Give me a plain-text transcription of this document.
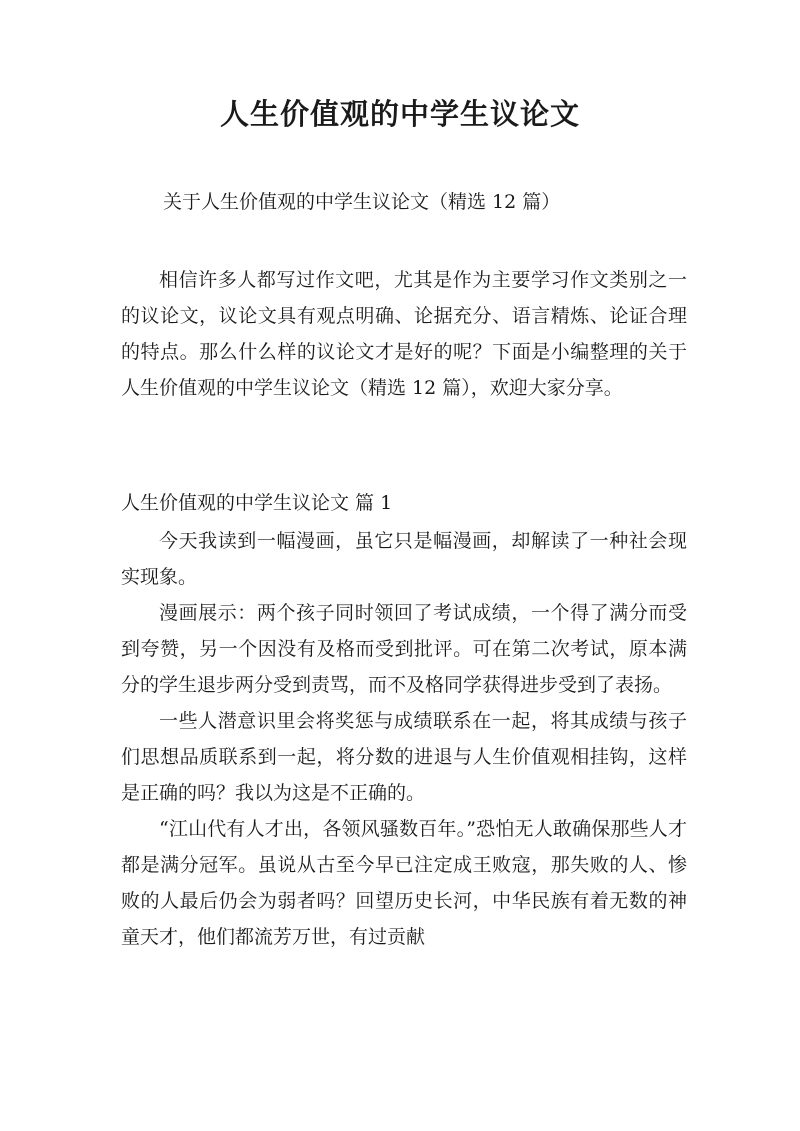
人生价值观的中学生议论文
关于人生价值观的中学生议论文（精选 12 篇）

相信许多人都写过作文吧，尤其是作为主要学习作文类别之一的议论文，议论文具有观点明确、论据充分、语言精炼、论证合理的特点。那么什么样的议论文才是好的呢？下面是小编整理的关于人生价值观的中学生议论文（精选 12 篇），欢迎大家分享。

人生价值观的中学生议论文 篇 1

今天我读到一幅漫画，虽它只是幅漫画，却解读了一种社会现实现象。

漫画展示：两个孩子同时领回了考试成绩，一个得了满分而受到夸赞，另一个因没有及格而受到批评。可在第二次考试，原本满分的学生退步两分受到责骂，而不及格同学获得进步受到了表扬。

一些人潜意识里会将奖惩与成绩联系在一起，将其成绩与孩子们思想品质联系到一起，将分数的进退与人生价值观相挂钩，这样是正确的吗？我以为这是不正确的。

“江山代有人才出，各领风骚数百年。”恐怕无人敢确保那些人才都是满分冠军。虽说从古至今早已注定成王败寇，那失败的人、惨败的人最后仍会为弱者吗？回望历史长河，中华民族有着无数的神童天才，他们都流芳万世，有过贡献
